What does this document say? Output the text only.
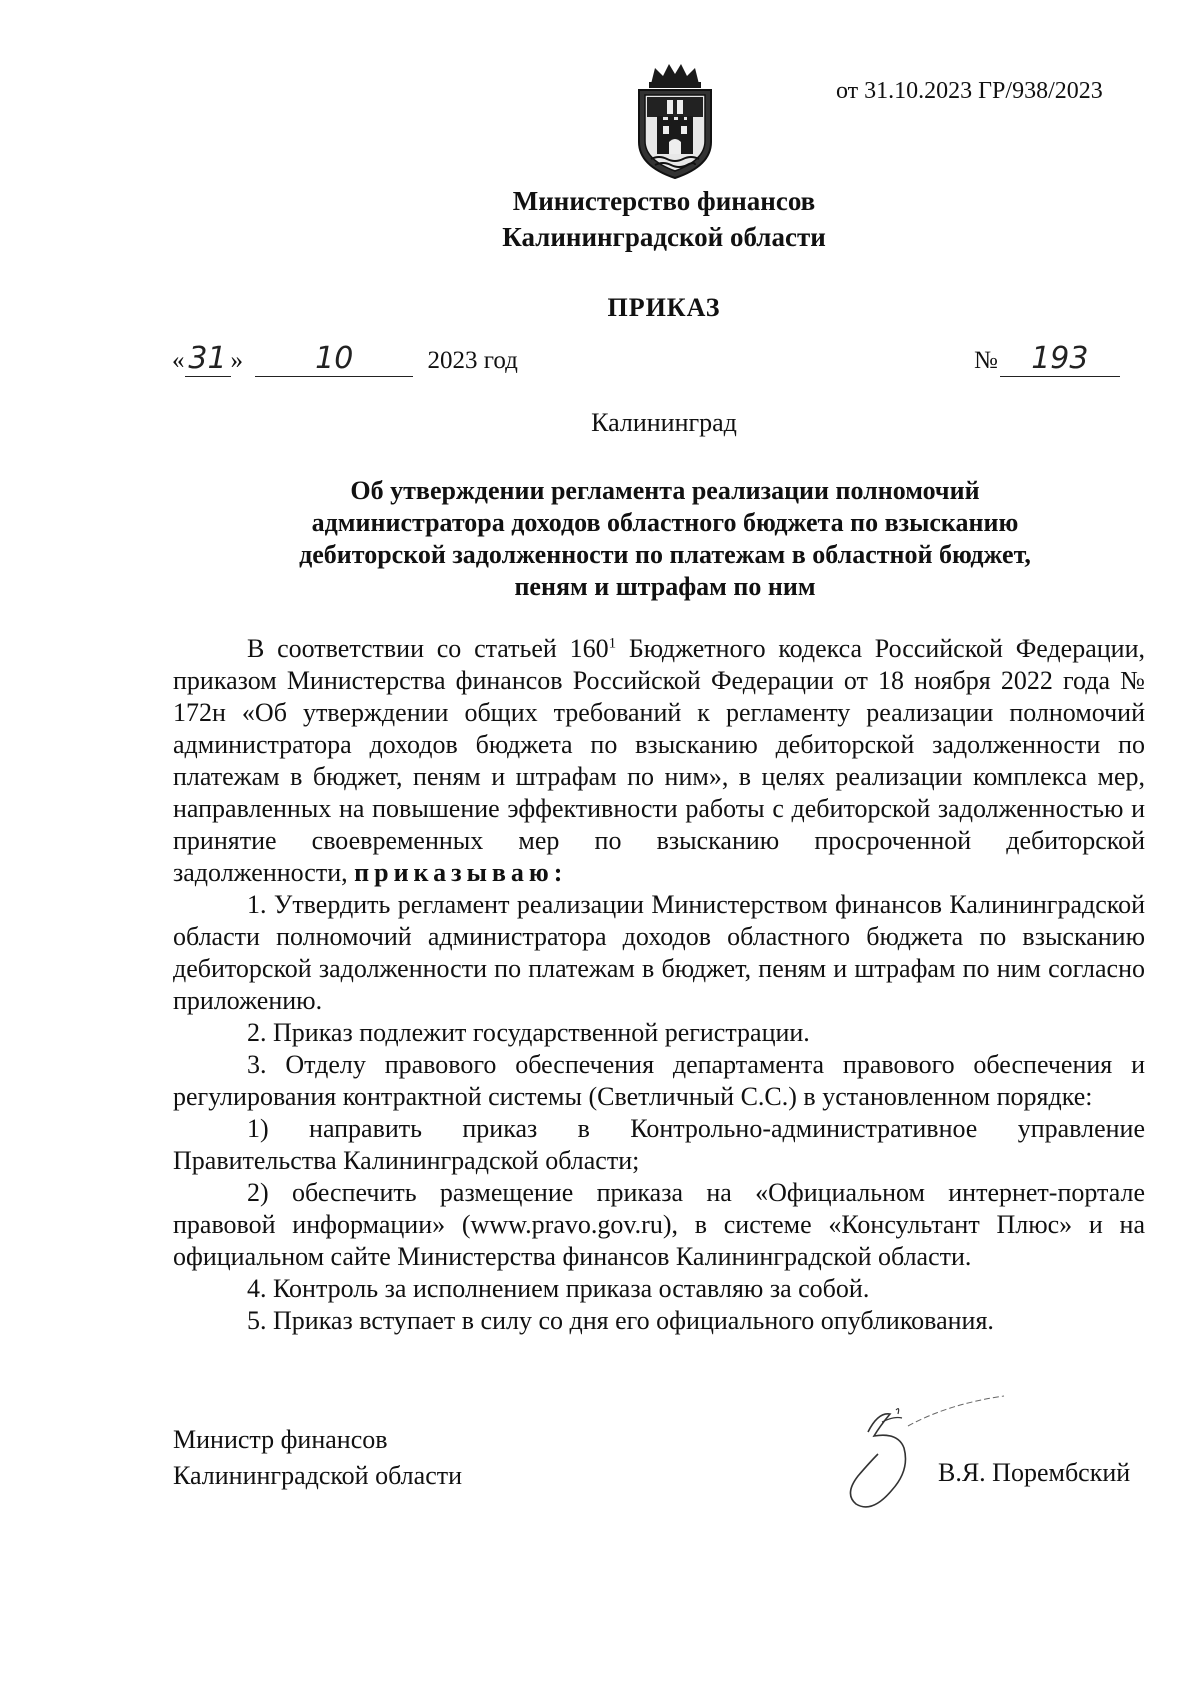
от 31.10.2023 ГР/938/2023
Министерство финансов
Калининградской области
ПРИКАЗ
« 31 » 10	2023 год	№ 193
Калининград
Об утверждении регламента реализации полномочий
администратора доходов областного бюджета по взысканию
дебиторской задолженности по платежам в областной бюджет,
пеням и штрафам по ним

В соответствии со статьей $160^1$ Бюджетного кодекса Российской Федерации, приказом Министерства финансов Российской Федерации от 18 ноября 2022 года № 172н «Об утверждении общих требований к регламенту реализации полномочий администратора доходов бюджета по взысканию дебиторской задолженности по платежам в бюджет, пеням и штрафам по ним», в целях реализации комплекса мер, направленных на повышение эффективности работы с дебиторской задолженностью и принятие своевременных мер по взысканию просроченной дебиторской задолженности, приказываю:

1. Утвердить регламент реализации Министерством финансов Калининградской области полномочий администратора доходов областного бюджета по взысканию дебиторской задолженности по платежам в бюджет, пеням и штрафам по ним согласно приложению.

2. Приказ подлежит государственной регистрации.

3. Отделу правового обеспечения департамента правового обеспечения и регулирования контрактной системы (Светличный С.С.) в установленном порядке:

1) направить приказ в Контрольно-административное управление Правительства Калининградской области;

2) обеспечить размещение приказа на «Официальном интернет-портале правовой информации» (www.pravo.gov.ru), в системе «Консультант Плюс» и на официальном сайте Министерства финансов Калининградской области.

4. Контроль за исполнением приказа оставляю за собой.

5. Приказ вступает в силу со дня его официального опубликования.

Министр финансов
Калининградской области	В.Я. Порембский
